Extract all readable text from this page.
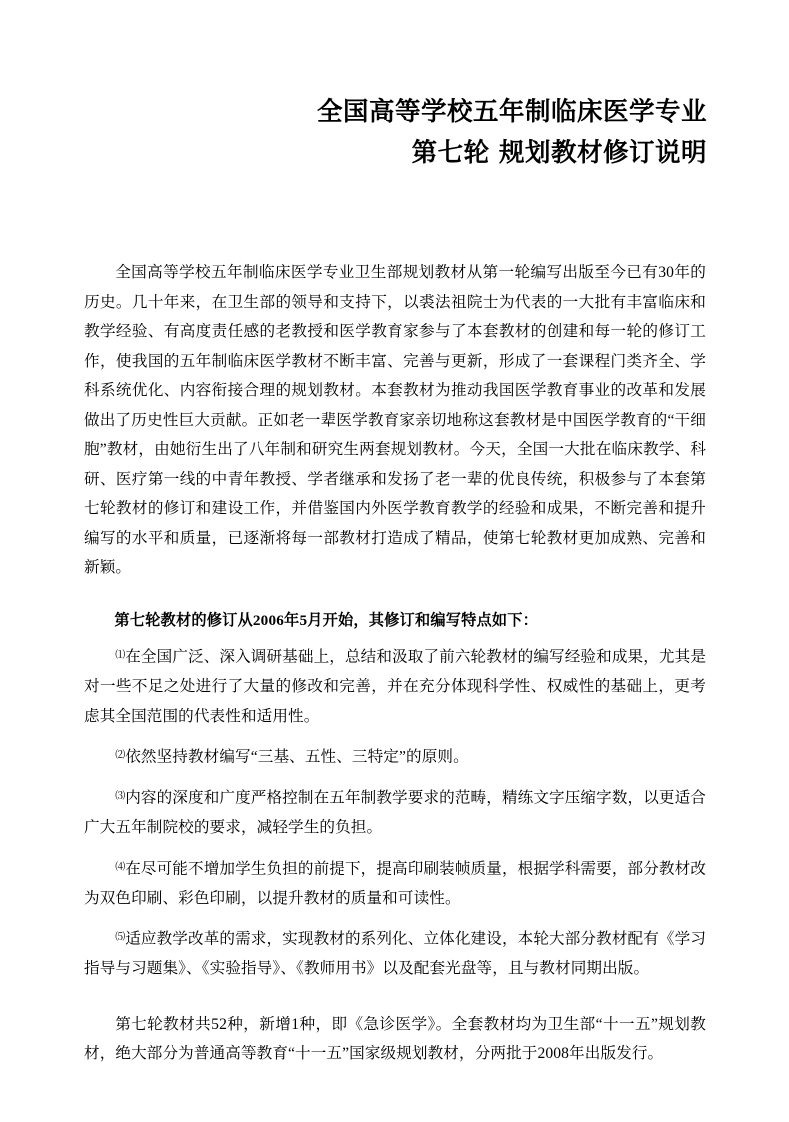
全国高等学校五年制临床医学专业
第七轮 规划教材修订说明

全国高等学校五年制临床医学专业卫生部规划教材从第一轮编写出版至今已有30年的历史。几十年来，在卫生部的领导和支持下，以裘法祖院士为代表的一大批有丰富临床和教学经验、有高度责任感的老教授和医学教育家参与了本套教材的创建和每一轮的修订工作，使我国的五年制临床医学教材不断丰富、完善与更新，形成了一套课程门类齐全、学科系统优化、内容衔接合理的规划教材。本套教材为推动我国医学教育事业的改革和发展做出了历史性巨大贡献。正如老一辈医学教育家亲切地称这套教材是中国医学教育的“干细胞”教材，由她衍生出了八年制和研究生两套规划教材。今天，全国一大批在临床教学、科研、医疗第一线的中青年教授、学者继承和发扬了老一辈的优良传统，积极参与了本套第七轮教材的修订和建设工作，并借鉴国内外医学教育教学的经验和成果，不断完善和提升编写的水平和质量，已逐渐将每一部教材打造成了精品，使第七轮教材更加成熟、完善和新颖。

第七轮教材的修订从2006年5月开始，其修订和编写特点如下：

⑴在全国广泛、深入调研基础上，总结和汲取了前六轮教材的编写经验和成果，尤其是对一些不足之处进行了大量的修改和完善，并在充分体现科学性、权威性的基础上，更考虑其全国范围的代表性和适用性。

⑵依然坚持教材编写“三基、五性、三特定”的原则。

⑶内容的深度和广度严格控制在五年制教学要求的范畴，精练文字压缩字数，以更适合广大五年制院校的要求，减轻学生的负担。

⑷在尽可能不增加学生负担的前提下，提高印刷装帧质量，根据学科需要，部分教材改为双色印刷、彩色印刷，以提升教材的质量和可读性。

⑸适应教学改革的需求，实现教材的系列化、立体化建设，本轮大部分教材配有《学习指导与习题集》、《实验指导》、《教师用书》以及配套光盘等，且与教材同期出版。

第七轮教材共52种，新增1种，即《急诊医学》。全套教材均为卫生部“十一五”规划教材，绝大部分为普通高等教育“十一五”国家级规划教材，分两批于2008年出版发行。
